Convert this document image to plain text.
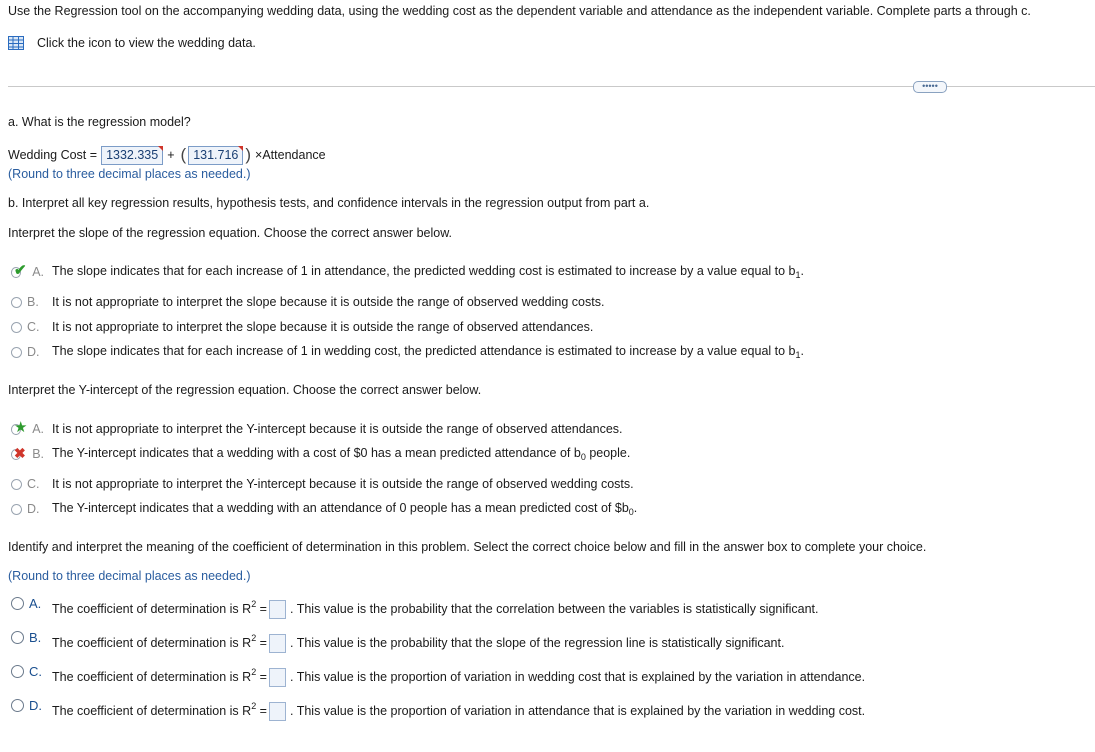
Use the Regression tool on the accompanying wedding data, using the wedding cost as the dependent variable and attendance as the independent variable. Complete parts a through c.
Click the icon to view the wedding data.
•••••
a. What is the regression model?
Wedding Cost = 1332.335 + ( 131.716 ) ×Attendance
(Round to three decimal places as needed.)
b. Interpret all key regression results, hypothesis tests, and confidence intervals in the regression output from part a.
Interpret the slope of the regression equation. Choose the correct answer below.
✔ A. The slope indicates that for each increase of 1 in attendance, the predicted wedding cost is estimated to increase by a value equal to $b_1$.
B. It is not appropriate to interpret the slope because it is outside the range of observed wedding costs.
C. It is not appropriate to interpret the slope because it is outside the range of observed attendances.
D. The slope indicates that for each increase of 1 in wedding cost, the predicted attendance is estimated to increase by a value equal to $b_1$.
Interpret the Y-intercept of the regression equation. Choose the correct answer below.
★ A. It is not appropriate to interpret the Y-intercept because it is outside the range of observed attendances.
✖ B. The Y-intercept indicates that a wedding with a cost of $0 has a mean predicted attendance of $b_0$ people.
C. It is not appropriate to interpret the Y-intercept because it is outside the range of observed wedding costs.
D. The Y-intercept indicates that a wedding with an attendance of 0 people has a mean predicted cost of $\$b_0$.
Identify and interpret the meaning of the coefficient of determination in this problem. Select the correct choice below and fill in the answer box to complete your choice.
(Round to three decimal places as needed.)
A. The coefficient of determination is $R^2$ = . This value is the probability that the correlation between the variables is statistically significant.
B. The coefficient of determination is $R^2$ = . This value is the probability that the slope of the regression line is statistically significant.
C. The coefficient of determination is $R^2$ = . This value is the proportion of variation in wedding cost that is explained by the variation in attendance.
D. The coefficient of determination is $R^2$ = . This value is the proportion of variation in attendance that is explained by the variation in wedding cost.
